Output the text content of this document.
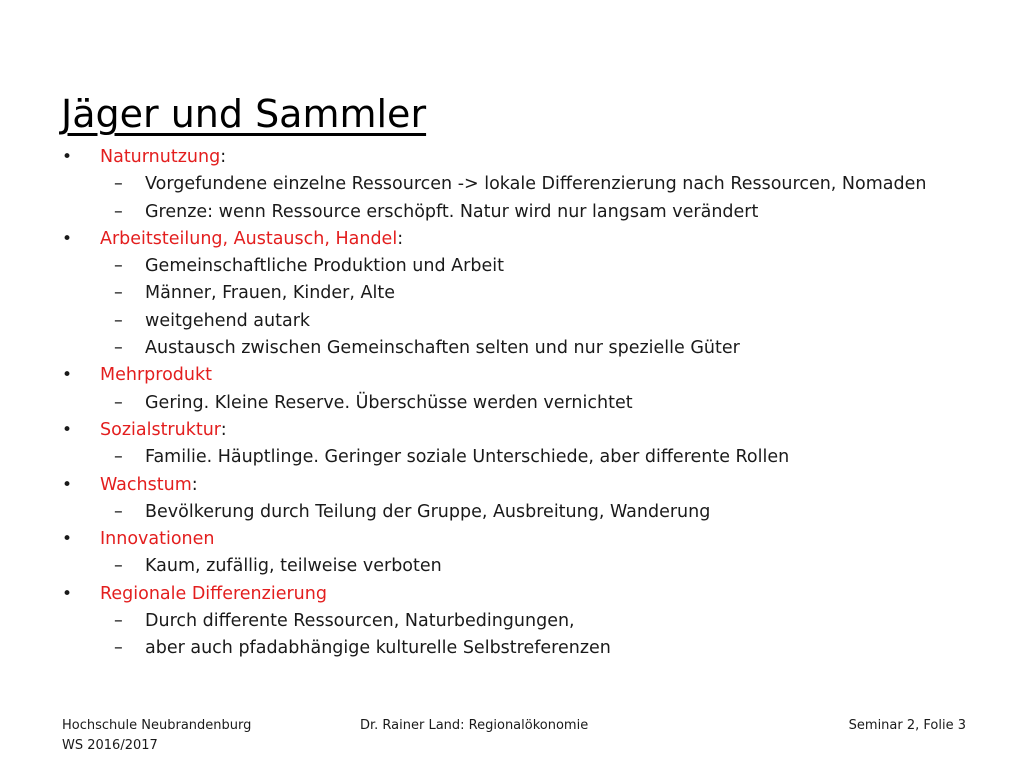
Jäger und Sammler
• Naturnutzung:
– Vorgefundene einzelne Ressourcen -> lokale Differenzierung nach Ressourcen, Nomaden
– Grenze: wenn Ressource erschöpft. Natur wird nur langsam verändert
• Arbeitsteilung, Austausch, Handel:
– Gemeinschaftliche Produktion und Arbeit
– Männer, Frauen, Kinder, Alte
– weitgehend autark
– Austausch zwischen Gemeinschaften selten und nur spezielle Güter
• Mehrprodukt
– Gering. Kleine Reserve. Überschüsse werden vernichtet
• Sozialstruktur:
– Familie. Häuptlinge. Geringer soziale Unterschiede, aber differente Rollen
• Wachstum:
– Bevölkerung durch Teilung der Gruppe, Ausbreitung, Wanderung
• Innovationen
– Kaum, zufällig, teilweise verboten
• Regionale Differenzierung
– Durch differente Ressourcen, Naturbedingungen,
– aber auch pfadabhängige kulturelle Selbstreferenzen
Hochschule Neubrandenburg
WS 2016/2017
Dr. Rainer Land: Regionalökonomie	Seminar 2, Folie 3
